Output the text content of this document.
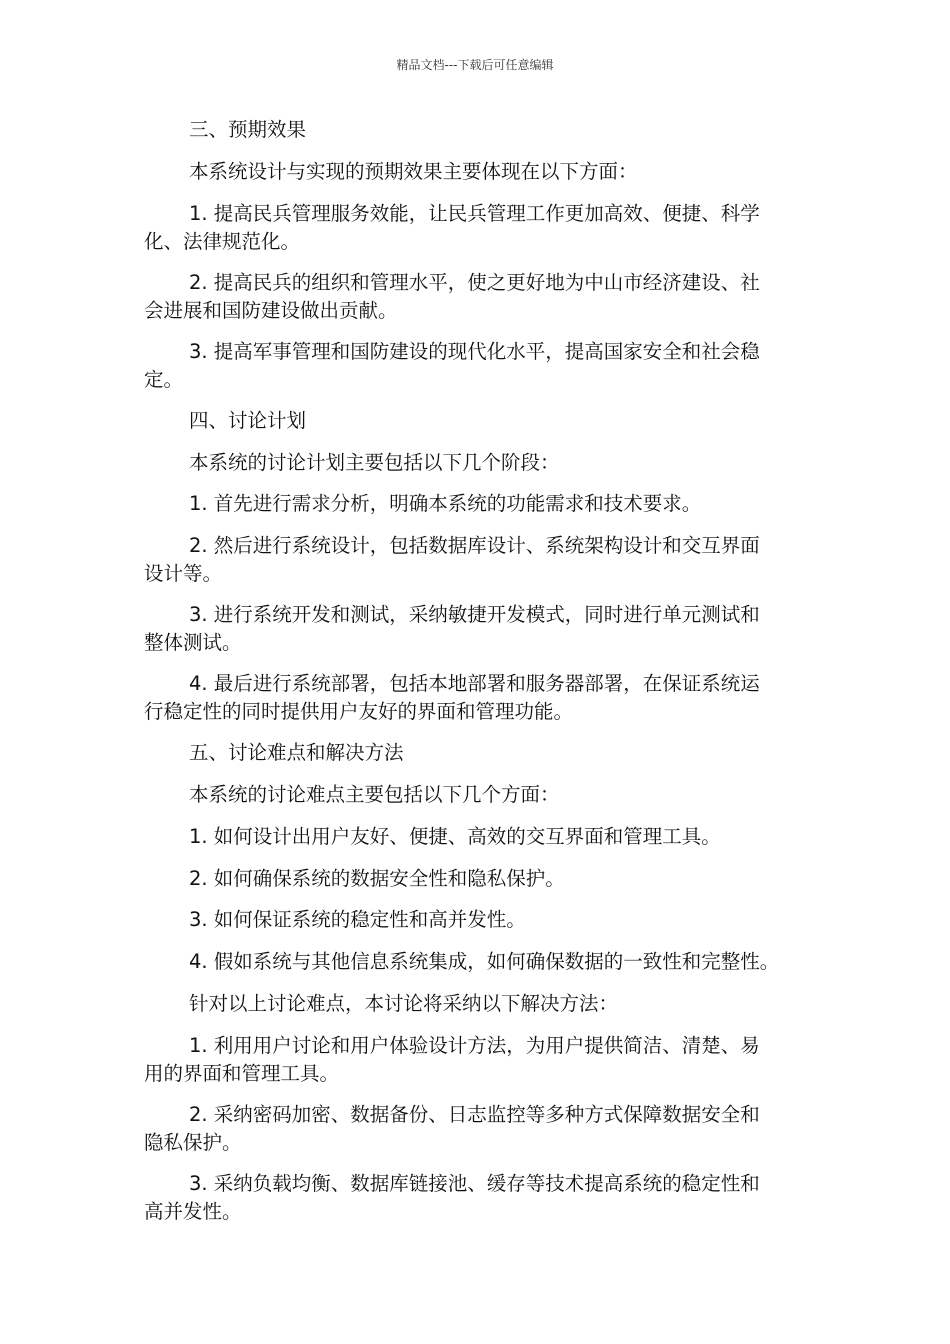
精品文档---下载后可任意编辑
三、预期效果
本系统设计与实现的预期效果主要体现在以下方面：
1. 提高民兵管理服务效能，让民兵管理工作更加高效、便捷、科学
化、法律规范化。
2. 提高民兵的组织和管理水平，使之更好地为中山市经济建设、社
会进展和国防建设做出贡献。
3. 提高军事管理和国防建设的现代化水平，提高国家安全和社会稳
定。
四、讨论计划
本系统的讨论计划主要包括以下几个阶段：
1. 首先进行需求分析，明确本系统的功能需求和技术要求。
2. 然后进行系统设计，包括数据库设计、系统架构设计和交互界面
设计等。
3. 进行系统开发和测试，采纳敏捷开发模式，同时进行单元测试和
整体测试。
4. 最后进行系统部署，包括本地部署和服务器部署，在保证系统运
行稳定性的同时提供用户友好的界面和管理功能。
五、讨论难点和解决方法
本系统的讨论难点主要包括以下几个方面：
1. 如何设计出用户友好、便捷、高效的交互界面和管理工具。
2. 如何确保系统的数据安全性和隐私保护。
3. 如何保证系统的稳定性和高并发性。
4. 假如系统与其他信息系统集成，如何确保数据的一致性和完整性。
针对以上讨论难点，本讨论将采纳以下解决方法：
1. 利用用户讨论和用户体验设计方法，为用户提供简洁、清楚、易
用的界面和管理工具。
2. 采纳密码加密、数据备份、日志监控等多种方式保障数据安全和
隐私保护。
3. 采纳负载均衡、数据库链接池、缓存等技术提高系统的稳定性和
高并发性。
